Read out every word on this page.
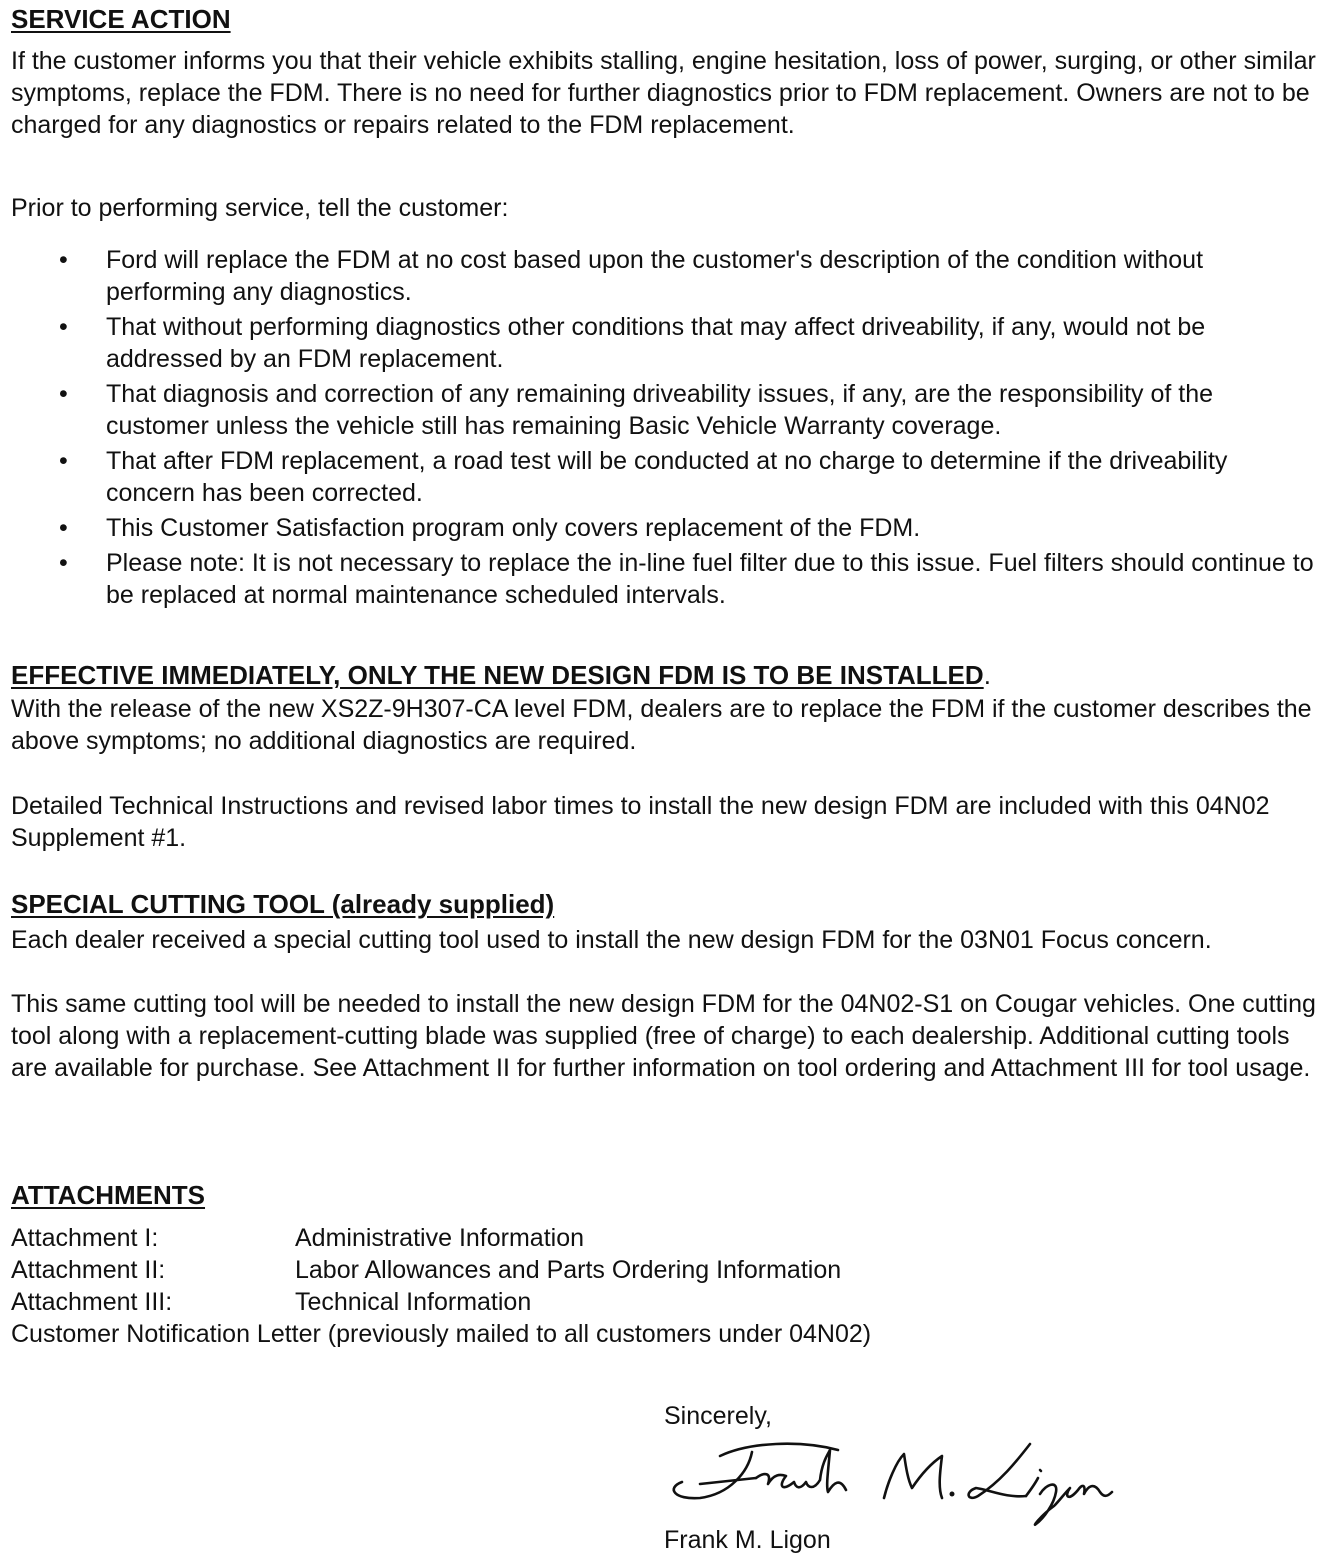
SERVICE ACTION

If the customer informs you that their vehicle exhibits stalling, engine hesitation, loss of power, surging, or other similar symptoms, replace the FDM. There is no need for further diagnostics prior to FDM replacement. Owners are not to be charged for any diagnostics or repairs related to the FDM replacement.

Prior to performing service, tell the customer:

• Ford will replace the FDM at no cost based upon the customer's description of the condition without performing any diagnostics.
• That without performing diagnostics other conditions that may affect driveability, if any, would not be addressed by an FDM replacement.
• That diagnosis and correction of any remaining driveability issues, if any, are the responsibility of the customer unless the vehicle still has remaining Basic Vehicle Warranty coverage.
• That after FDM replacement, a road test will be conducted at no charge to determine if the driveability concern has been corrected.
• This Customer Satisfaction program only covers replacement of the FDM.
• Please note: It is not necessary to replace the in-line fuel filter due to this issue. Fuel filters should continue to be replaced at normal maintenance scheduled intervals.
EFFECTIVE IMMEDIATELY, ONLY THE NEW DESIGN FDM IS TO BE INSTALLED.

With the release of the new XS2Z-9H307-CA level FDM, dealers are to replace the FDM if the customer describes the above symptoms; no additional diagnostics are required.

Detailed Technical Instructions and revised labor times to install the new design FDM are included with this 04N02 Supplement #1.

SPECIAL CUTTING TOOL (already supplied)

Each dealer received a special cutting tool used to install the new design FDM for the 03N01 Focus concern.

This same cutting tool will be needed to install the new design FDM for the 04N02-S1 on Cougar vehicles. One cutting tool along with a replacement-cutting blade was supplied (free of charge) to each dealership. Additional cutting tools are available for purchase. See Attachment II for further information on tool ordering and Attachment III for tool usage.

ATTACHMENTS
Attachment I:	Administrative Information
Attachment II:	Labor Allowances and Parts Ordering Information
Attachment III:	Technical Information
Customer Notification Letter (previously mailed to all customers under 04N02)

Sincerely,

Frank M. Ligon
